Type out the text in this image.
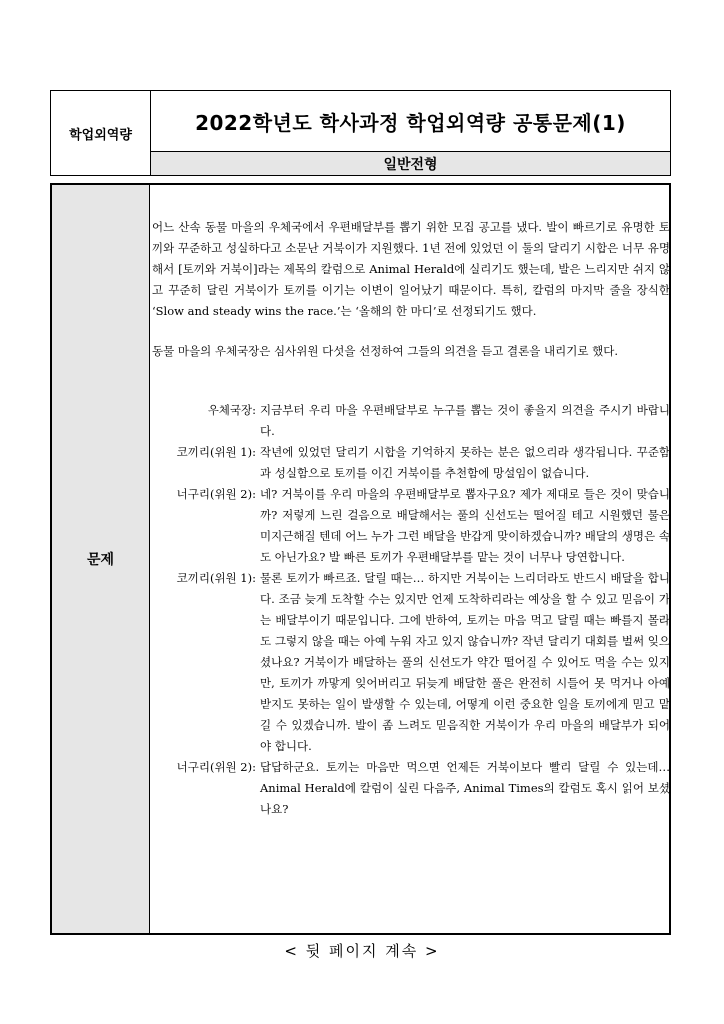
학업외역량
2022학년도 학사과정 학업외역량 공통문제(1)
일반전형
문제

어느 산속 동물 마을의 우체국에서 우편배달부를 뽑기 위한 모집 공고를 냈다. 발이 빠르기로 유명한 토끼와 꾸준하고 성실하다고 소문난 거북이가 지원했다. 1년 전에 있었던 이 둘의 달리기 시합은 너무 유명해서 [토끼와 거북이]라는 제목의 칼럼으로 Animal Herald에 실리기도 했는데, 발은 느리지만 쉬지 않고 꾸준히 달린 거북이가 토끼를 이기는 이변이 일어났기 때문이다. 특히, 칼럼의 마지막 줄을 장식한 ‘Slow and steady wins the race.’는 ‘올해의 한 마디’로 선정되기도 했다.

동물 마을의 우체국장은 심사위원 다섯을 선정하여 그들의 의견을 듣고 결론을 내리기로 했다.

우체국장: 지금부터 우리 마을 우편배달부로 누구를 뽑는 것이 좋을지 의견을 주시기 바랍니다.
코끼리(위원 1): 작년에 있었던 달리기 시합을 기억하지 못하는 분은 없으리라 생각됩니다. 꾸준함과 성실함으로 토끼를 이긴 거북이를 추천함에 망설임이 없습니다.
너구리(위원 2): 네? 거북이를 우리 마을의 우편배달부로 뽑자구요? 제가 제대로 들은 것이 맞습니까? 저렇게 느린 걸음으로 배달해서는 풀의 신선도는 떨어질 테고 시원했던 물은 미지근해질 텐데 어느 누가 그런 배달을 반갑게 맞이하겠습니까? 배달의 생명은 속도 아닌가요? 발 빠른 토끼가 우편배달부를 맡는 것이 너무나 당연합니다.
코끼리(위원 1): 물론 토끼가 빠르죠. 달릴 때는… 하지만 거북이는 느리더라도 반드시 배달을 합니다. 조금 늦게 도착할 수는 있지만 언제 도착하리라는 예상을 할 수 있고 믿음이 가는 배달부이기 때문입니다. 그에 반하여, 토끼는 마음 먹고 달릴 때는 빠를지 몰라도 그렇지 않을 때는 아예 누워 자고 있지 않습니까? 작년 달리기 대회를 벌써 잊으셨나요? 거북이가 배달하는 풀의 신선도가 약간 떨어질 수 있어도 먹을 수는 있지만, 토끼가 까맣게 잊어버리고 뒤늦게 배달한 풀은 완전히 시들어 못 먹거나 아예 받지도 못하는 일이 발생할 수 있는데, 어떻게 이런 중요한 일을 토끼에게 믿고 맡길 수 있겠습니까. 발이 좀 느려도 믿음직한 거북이가 우리 마을의 배달부가 되어야 합니다.
너구리(위원 2): 답답하군요. 토끼는 마음만 먹으면 언제든 거북이보다 빨리 달릴 수 있는데… Animal Herald에 칼럼이 실린 다음주, Animal Times의 칼럼도 혹시 읽어 보셨나요?
< 뒷 페이지 계속 >
